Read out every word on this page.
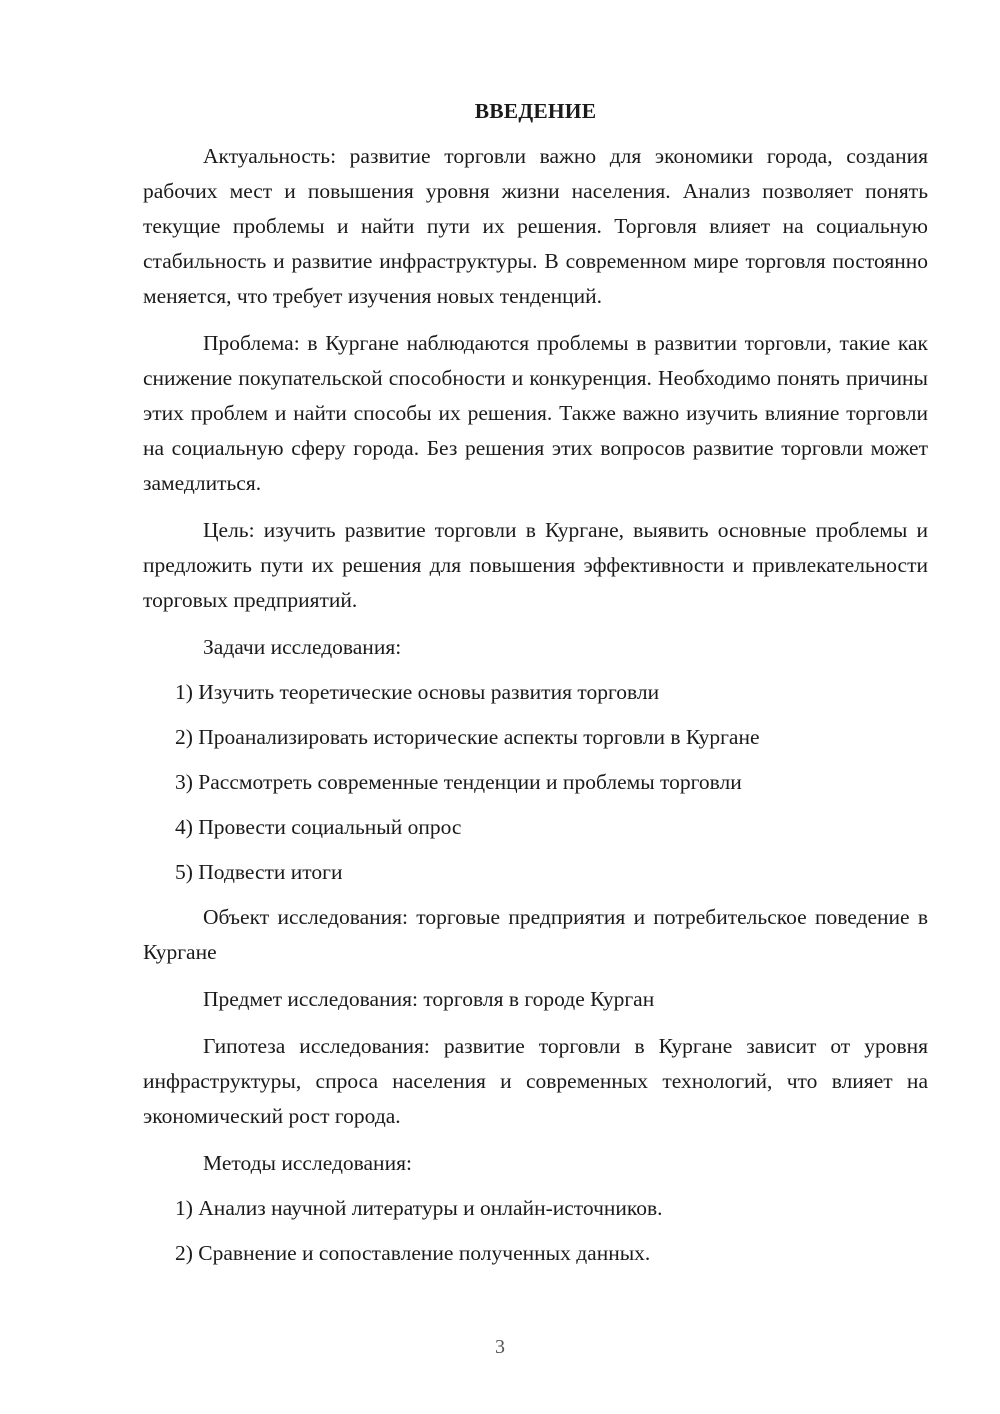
ВВЕДЕНИЕ

Актуальность: развитие торговли важно для экономики города, создания рабочих мест и повышения уровня жизни населения. Анализ позволяет понять текущие проблемы и найти пути их решения. Торговля влияет на социальную стабильность и развитие инфраструктуры. В современном мире торговля постоянно меняется, что требует изучения новых тенденций.

Проблема: в Кургане наблюдаются проблемы в развитии торговли, такие как снижение покупательской способности и конкуренция. Необходимо понять причины этих проблем и найти способы их решения. Также важно изучить влияние торговли на социальную сферу города. Без решения этих вопросов развитие торговли может замедлиться.

Цель: изучить развитие торговли в Кургане, выявить основные проблемы и предложить пути их решения для повышения эффективности и привлекательности торговых предприятий.

Задачи исследования:

1) Изучить теоретические основы развития торговли
2) Проанализировать исторические аспекты торговли в Кургане
3) Рассмотреть современные тенденции и проблемы торговли
4) Провести социальный опрос
5) Подвести итоги

Объект исследования: торговые предприятия и потребительское поведение в Кургане

Предмет исследования: торговля в городе Курган

Гипотеза исследования: развитие торговли в Кургане зависит от уровня инфраструктуры, спроса населения и современных технологий, что влияет на экономический рост города.

Методы исследования:

1) Анализ научной литературы и онлайн-источников.
2) Сравнение и сопоставление полученных данных.
3
